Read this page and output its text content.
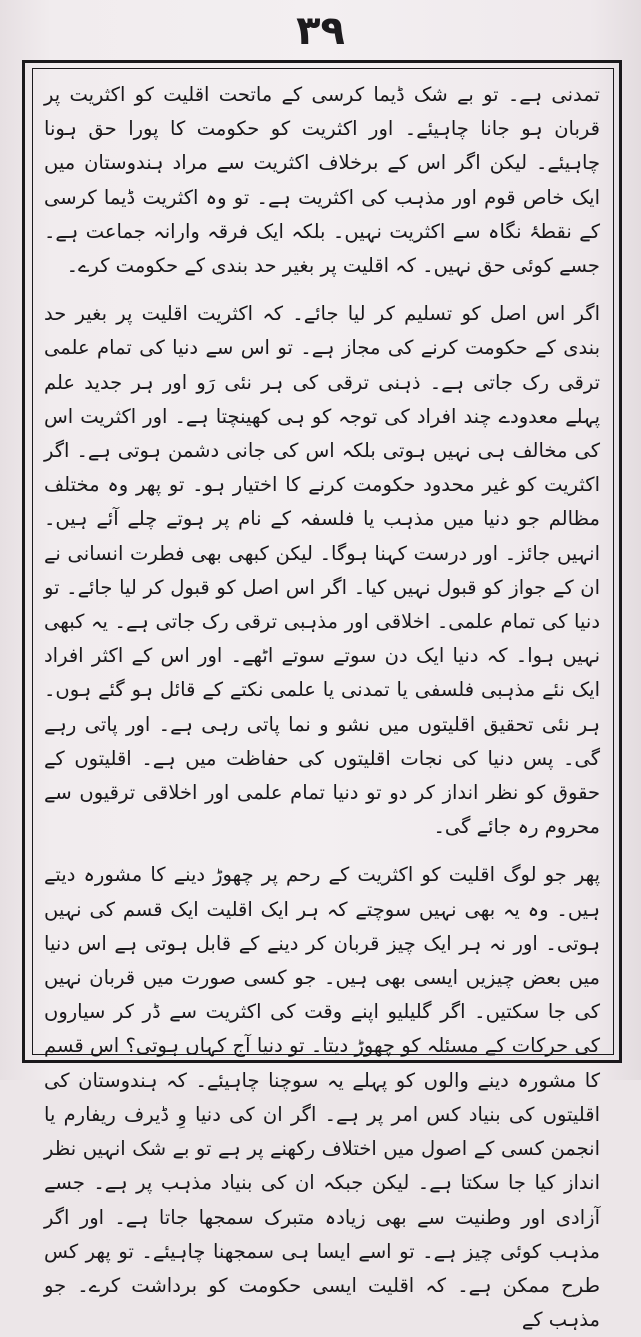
۳۹

تمدنی ہے۔ تو بے شک ڈیما کرسی کے ماتحت اقلیت کو اکثریت پر قربان ہو جانا چاہیئے۔ اور اکثریت کو حکومت کا پورا حق ہونا چاہیئے۔ لیکن اگر اس کے برخلاف اکثریت سے مراد ہندوستان میں ایک خاص قوم اور مذہب کی اکثریت ہے۔ تو وہ اکثریت ڈیما کرسی کے نقطۂ نگاہ سے اکثریت نہیں۔ بلکہ ایک فرقہ وارانہ جماعت ہے۔ جسے کوئی حق نہیں۔ کہ اقلیت پر بغیر حد بندی کے حکومت کرے۔

اگر اس اصل کو تسلیم کر لیا جائے۔ کہ اکثریت اقلیت پر بغیر حد بندی کے حکومت کرنے کی مجاز ہے۔ تو اس سے دنیا کی تمام علمی ترقی رک جاتی ہے۔ ذہنی ترقی کی ہر نئی رَو اور ہر جدید علم پہلے معدودے چند افراد کی توجہ کو ہی کھینچتا ہے۔ اور اکثریت اس کی مخالف ہی نہیں ہوتی بلکہ اس کی جانی دشمن ہوتی ہے۔ اگر اکثریت کو غیر محدود حکومت کرنے کا اختیار ہو۔ تو پھر وہ مختلف مظالم جو دنیا میں مذہب یا فلسفہ کے نام پر ہوتے چلے آئے ہیں۔ انہیں جائز۔ اور درست کہنا ہوگا۔ لیکن کبھی بھی فطرت انسانی نے ان کے جواز کو قبول نہیں کیا۔ اگر اس اصل کو قبول کر لیا جائے۔ تو دنیا کی تمام علمی۔ اخلاقی اور مذہبی ترقی رک جاتی ہے۔ یہ کبھی نہیں ہوا۔ کہ دنیا ایک دن سوتے سوتے اٹھے۔ اور اس کے اکثر افراد ایک نئے مذہبی فلسفی یا تمدنی یا علمی نکتے کے قائل ہو گئے ہوں۔ ہر نئی تحقیق اقلیتوں میں نشو و نما پاتی رہی ہے۔ اور پاتی رہے گی۔ پس دنیا کی نجات اقلیتوں کی حفاظت میں ہے۔ اقلیتوں کے حقوق کو نظر انداز کر دو تو دنیا تمام علمی اور اخلاقی ترقیوں سے محروم رہ جائے گی۔

پھر جو لوگ اقلیت کو اکثریت کے رحم پر چھوڑ دینے کا مشورہ دیتے ہیں۔ وہ یہ بھی نہیں سوچتے کہ ہر ایک اقلیت ایک قسم کی نہیں ہوتی۔ اور نہ ہر ایک چیز قربان کر دینے کے قابل ہوتی ہے اس دنیا میں بعض چیزیں ایسی بھی ہیں۔ جو کسی صورت میں قربان نہیں کی جا سکتیں۔ اگر گلیلیو اپنے وقت کی اکثریت سے ڈر کر سیاروں کی حرکات کے مسئلہ کو چھوڑ دیتا۔ تو دنیا آج کہاں ہوتی؟ اس قسم کا مشورہ دینے والوں کو پہلے یہ سوچنا چاہیئے۔ کہ ہندوستان کی اقلیتوں کی بنیاد کس امر پر ہے۔ اگر ان کی دنیا وِ ڈیرف ریفارم یا انجمن کسی کے اصول میں اختلاف رکھنے پر ہے تو بے شک انہیں نظر انداز کیا جا سکتا ہے۔ لیکن جبکہ ان کی بنیاد مذہب پر ہے۔ جسے آزادی اور وطنیت سے بھی زیادہ متبرک سمجھا جاتا ہے۔ اور اگر مذہب کوئی چیز ہے۔ تو اسے ایسا ہی سمجھنا چاہیئے۔ تو پھر کس طرح ممکن ہے۔ کہ اقلیت ایسی حکومت کو برداشت کرے۔ جو مذہب کے
